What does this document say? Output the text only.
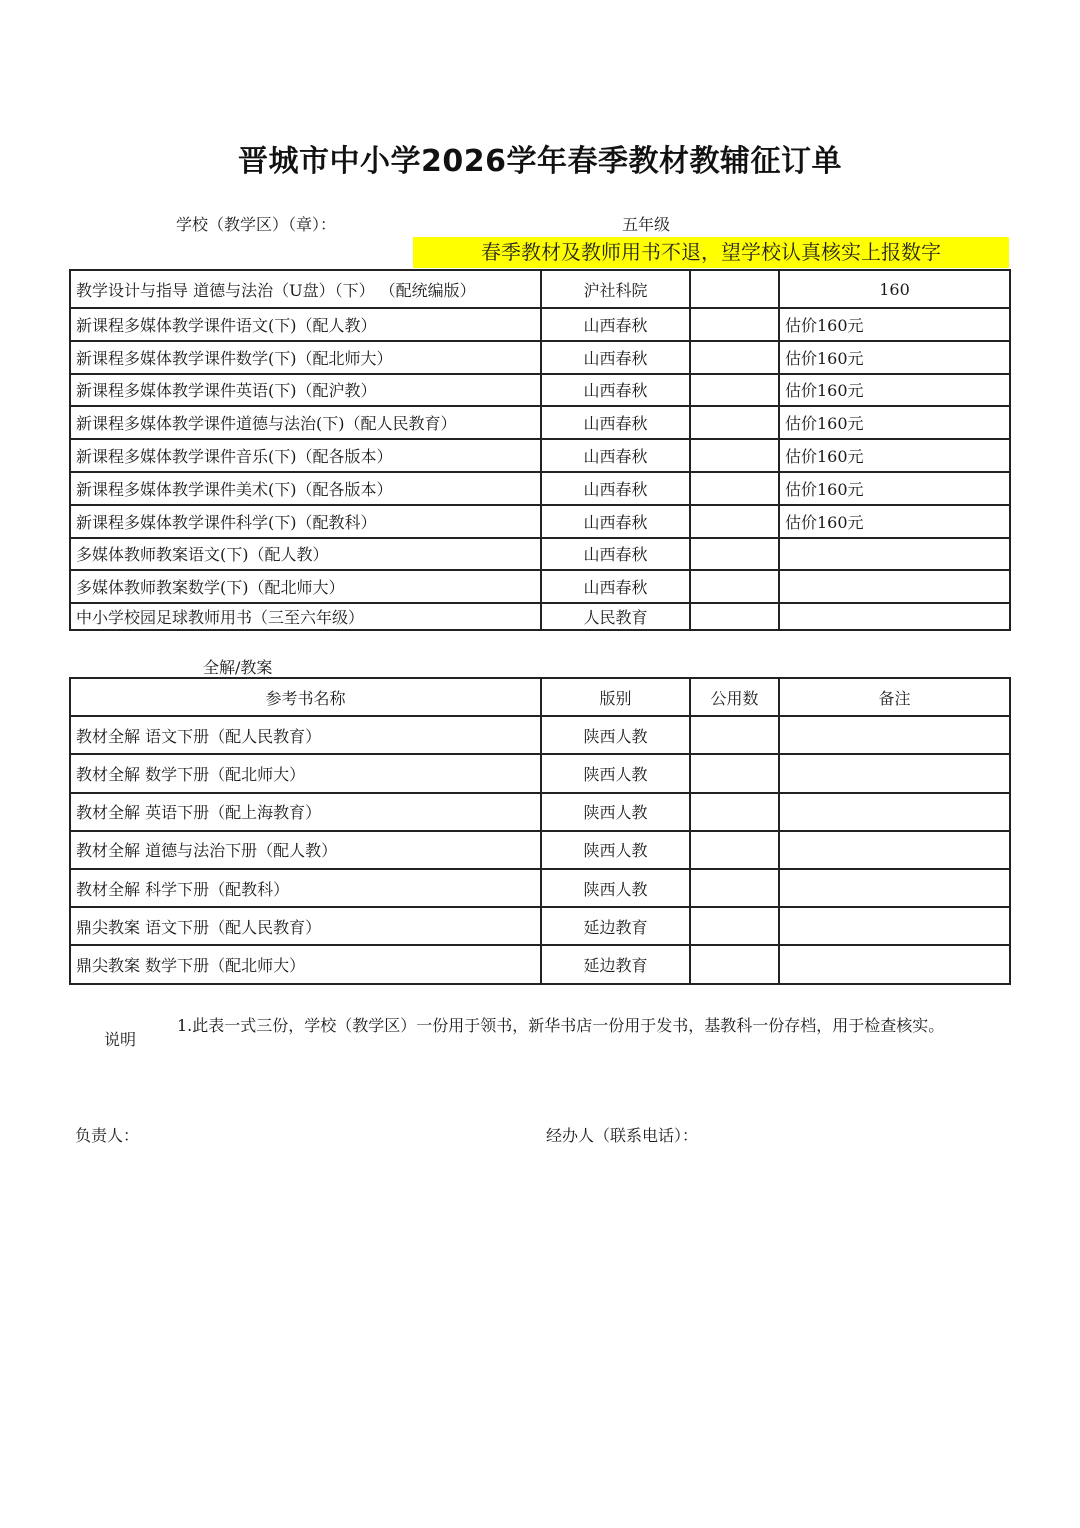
晋城市中小学2026学年春季教材教辅征订单
学校（教学区）（章）：	五年级
春季教材及教师用书不退，望学校认真核实上报数字
教学设计与指导 道德与法治（U盘）（下） （配统编版）	沪社科院		160
新课程多媒体教学课件语文(下)（配人教）	山西春秋		估价160元
新课程多媒体教学课件数学(下)（配北师大）	山西春秋		估价160元
新课程多媒体教学课件英语(下)（配沪教）	山西春秋		估价160元
新课程多媒体教学课件道德与法治(下)（配人民教育）	山西春秋		估价160元
新课程多媒体教学课件音乐(下)（配各版本）	山西春秋		估价160元
新课程多媒体教学课件美术(下)（配各版本）	山西春秋		估价160元
新课程多媒体教学课件科学(下)（配教科）	山西春秋		估价160元
多媒体教师教案语文(下)（配人教）	山西春秋		
多媒体教师教案数学(下)（配北师大）	山西春秋		
中小学校园足球教师用书（三至六年级）	人民教育		
全解/教案
参考书名称	版别	公用数	备注
教材全解 语文下册（配人民教育）	陕西人教		
教材全解 数学下册（配北师大）	陕西人教		
教材全解 英语下册（配上海教育）	陕西人教		
教材全解 道德与法治下册（配人教）	陕西人教		
教材全解 科学下册（配教科）	陕西人教		
鼎尖教案 语文下册（配人民教育）	延边教育		
鼎尖教案 数学下册（配北师大）	延边教育		
说明
1.此表一式三份，学校（教学区）一份用于领书，新华书店一份用于发书，基教科一份存档，用于检查核实。
负责人：	经办人（联系电话）：
